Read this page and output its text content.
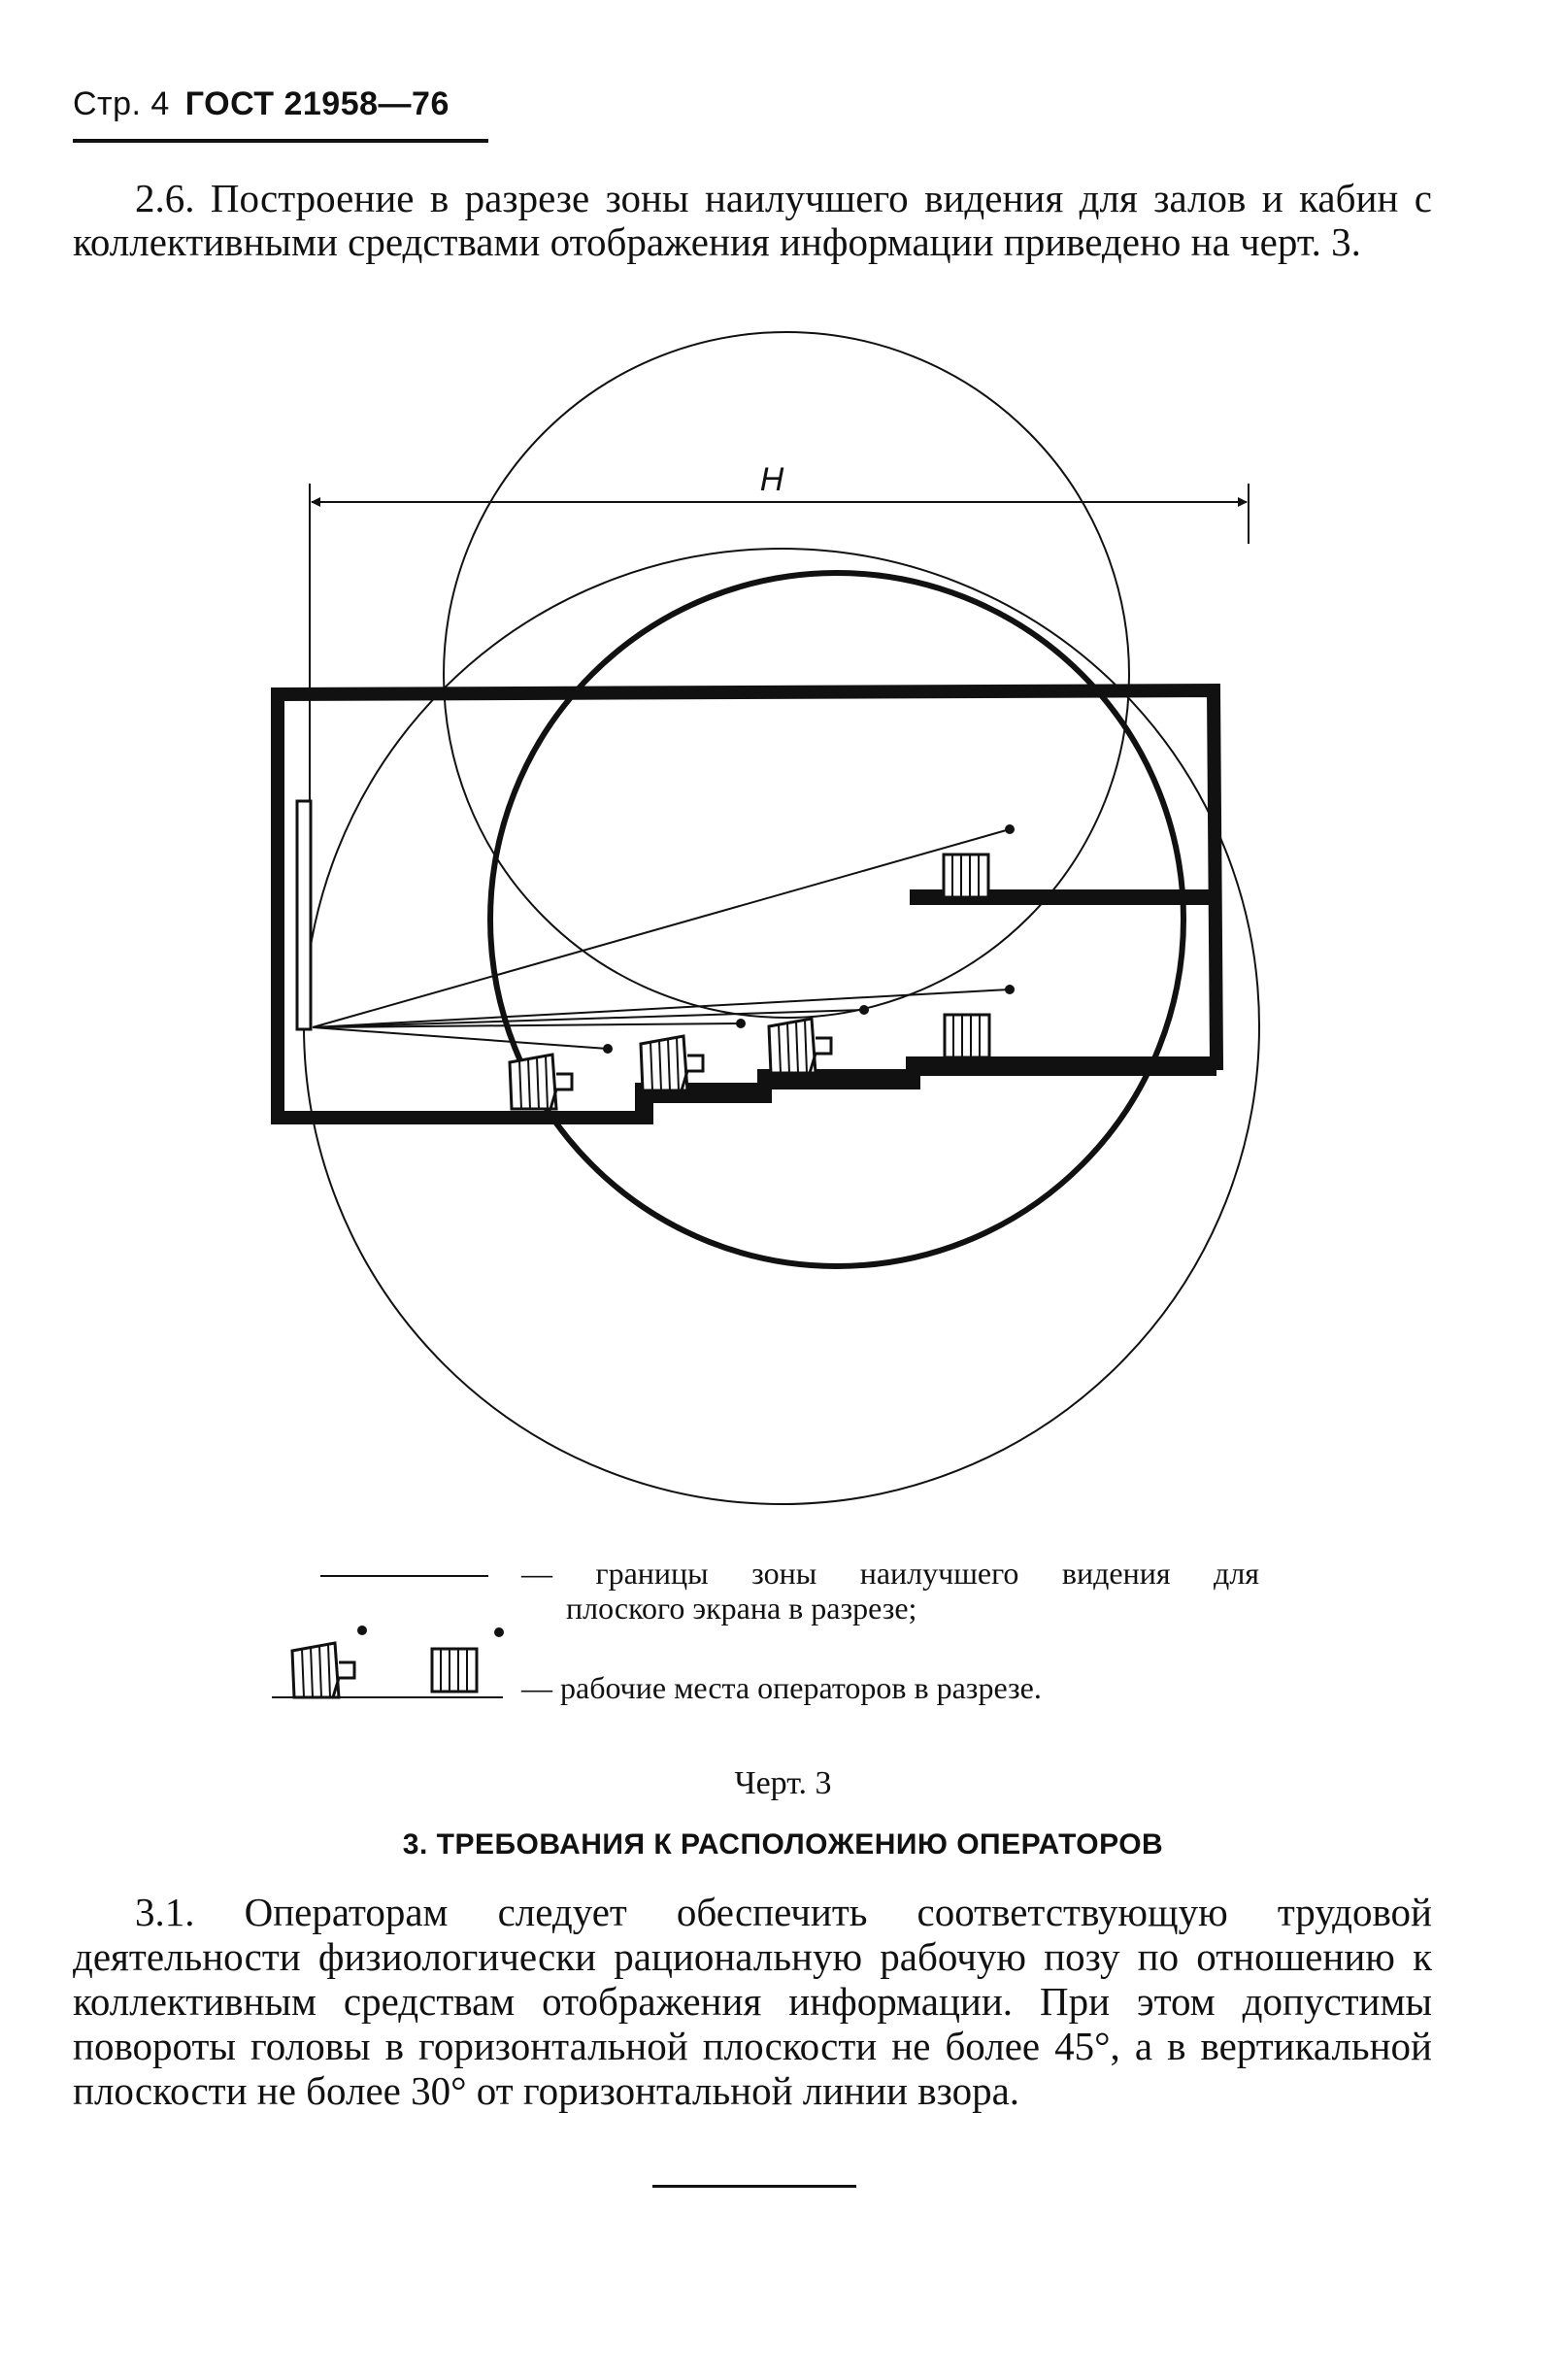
Стр. 4 ГОСТ 21958—76
2.6. Построение в разрезе зоны наилучшего видения для залов и кабин с коллективными средствами отображения информации приведено на черт. 3.
H
— границы зоны наилучшего видения для
плоского экрана в разрезе;
— рабочие места операторов в разрезе.
Черт. 3
3. ТРЕБОВАНИЯ К РАСПОЛОЖЕНИЮ ОПЕРАТОРОВ
3.1. Операторам следует обеспечить соответствующую трудовой деятельности физиологически рациональную рабочую позу по отношению к коллективным средствам отображения информации. При этом допустимы повороты головы в горизонтальной плоскости не более 45°, а в вертикальной плоскости не более 30° от горизонтальной линии взора.
